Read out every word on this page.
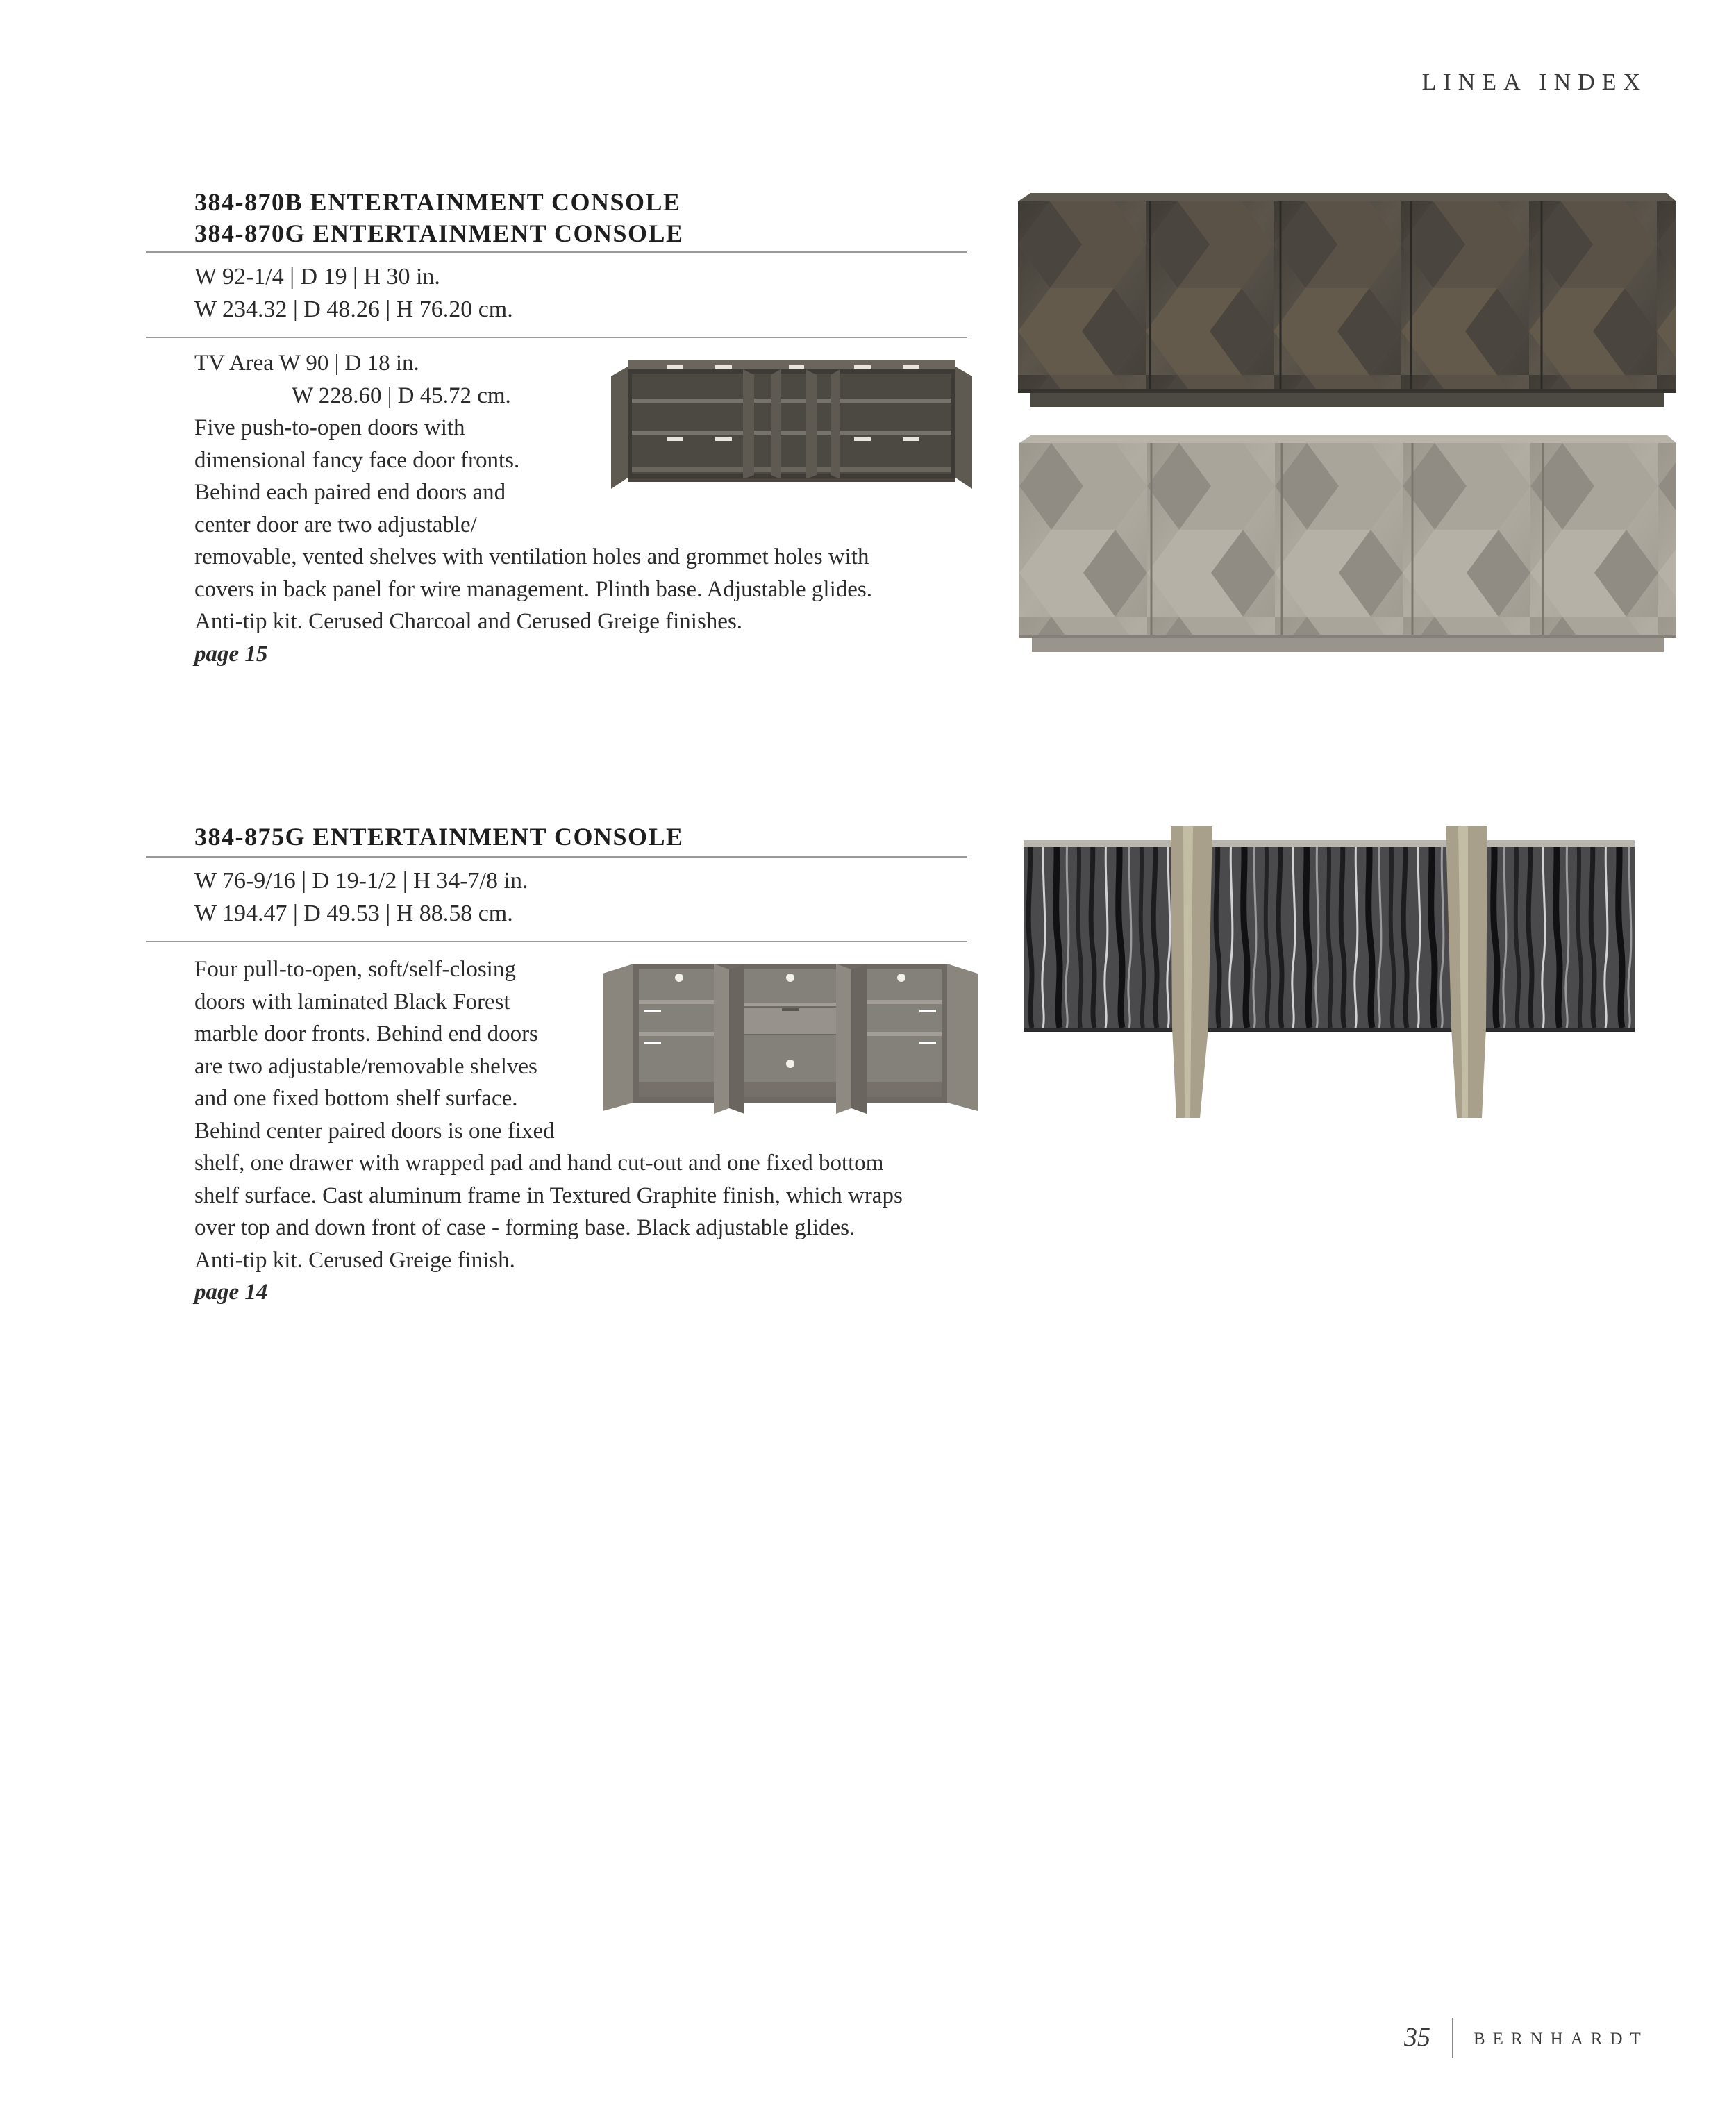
LINEA INDEX
384-870B ENTERTAINMENT CONSOLE
384-870G ENTERTAINMENT CONSOLE
W 92-1/4 | D 19 | H 30 in.
W 234.32 | D 48.26 | H 76.20 cm.

TV Area W 90 | D 18 in.

W 228.60 | D 45.72 cm.

Five push-to-open doors with

dimensional fancy face door fronts.

Behind each paired end doors and

center door are two adjustable/

removable, vented shelves with ventilation holes and grommet holes with

covers in back panel for wire management. Plinth base. Adjustable glides.

Anti-tip kit. Cerused Charcoal and Cerused Greige finishes.

page 15

384-875G ENTERTAINMENT CONSOLE
W 76-9/16 | D 19-1/2 | H 34-7/8 in.
W 194.47 | D 49.53 | H 88.58 cm.

Four pull-to-open, soft/self-closing

doors with laminated Black Forest

marble door fronts. Behind end doors

are two adjustable/removable shelves

and one fixed bottom shelf surface.

Behind center paired doors is one fixed

shelf, one drawer with wrapped pad and hand cut-out and one fixed bottom

shelf surface. Cast aluminum frame in Textured Graphite finish, which wraps

over top and down front of case - forming base. Black adjustable glides.

Anti-tip kit. Cerused Greige finish.

page 14

35 BERNHARDT
